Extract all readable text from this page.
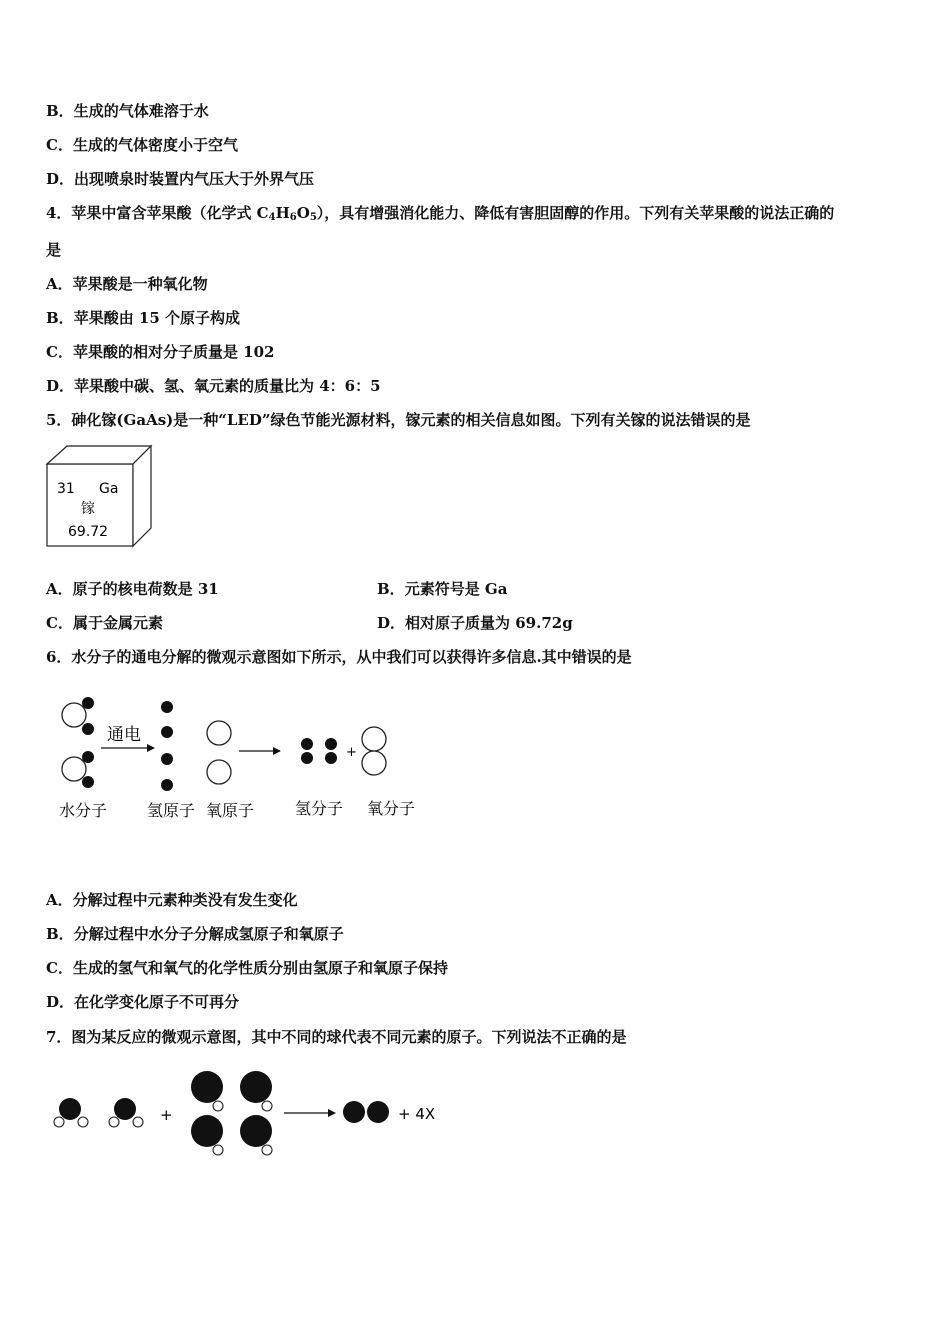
B．生成的气体难溶于水
C．生成的气体密度小于空气
D．出现喷泉时装置内气压大于外界气压
4．苹果中富含苹果酸（化学式 $C_4H_6O_5$），具有增强消化能力、降低有害胆固醇的作用。下列有关苹果酸的说法正确的
是
A．苹果酸是一种氧化物
B．苹果酸由 15 个原子构成
C．苹果酸的相对分子质量是 102
D．苹果酸中碳、氢、氧元素的质量比为 4：6：5
5．砷化镓(GaAs)是一种“LED”绿色节能光源材料，镓元素的相关信息如图。下列有关镓的说法错误的是
31 Ga
镓
69.72
A．原子的核电荷数是 31	B．元素符号是 Ga
C．属于金属元素	D．相对原子质量为 69.72g
6．水分子的通电分解的微观示意图如下所示，从中我们可以获得许多信息.其中错误的是
通电
+
水分子 氢原子 氧原子	氢分子 氧分子
A．分解过程中元素种类没有发生变化
B．分解过程中水分子分解成氢原子和氧原子
C．生成的氢气和氧气的化学性质分别由氢原子和氧原子保持
D．在化学变化原子不可再分
7．图为某反应的微观示意图，其中不同的球代表不同元素的原子。下列说法不正确的是
+	+ 4X
